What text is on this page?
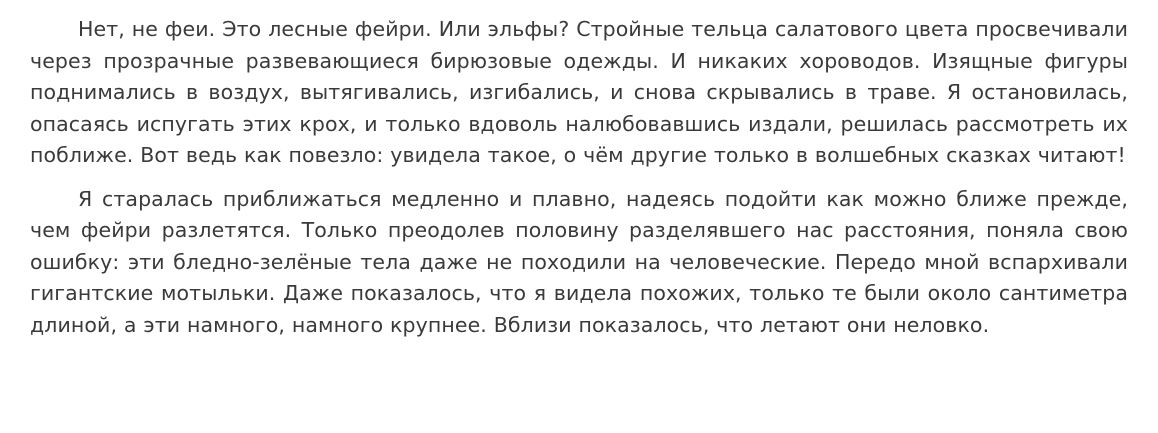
Нет, не феи. Это лесные фейри. Или эльфы? Стройные тельца салатового цвета просвечивали через прозрачные развевающиеся бирюзовые одежды. И никаких хороводов. Изящные фигуры поднимались в воздух, вытягивались, изгибались, и снова скрывались в траве. Я остановилась, опасаясь испугать этих крох, и только вдоволь налюбовавшись издали, решилась рассмотреть их поближе. Вот ведь как повезло: увидела такое, о чём другие только в волшебных сказках читают!

Я старалась приближаться медленно и плавно, надеясь подойти как можно ближе прежде, чем фейри разлетятся. Только преодолев половину разделявшего нас расстояния, поняла свою ошибку: эти бледно-зелёные тела даже не походили на человеческие. Передо мной вспархивали гигантские мотыльки. Даже показалось, что я видела похожих, только те были около сантиметра длиной, а эти намного, намного крупнее. Вблизи показалось, что летают они неловко.
